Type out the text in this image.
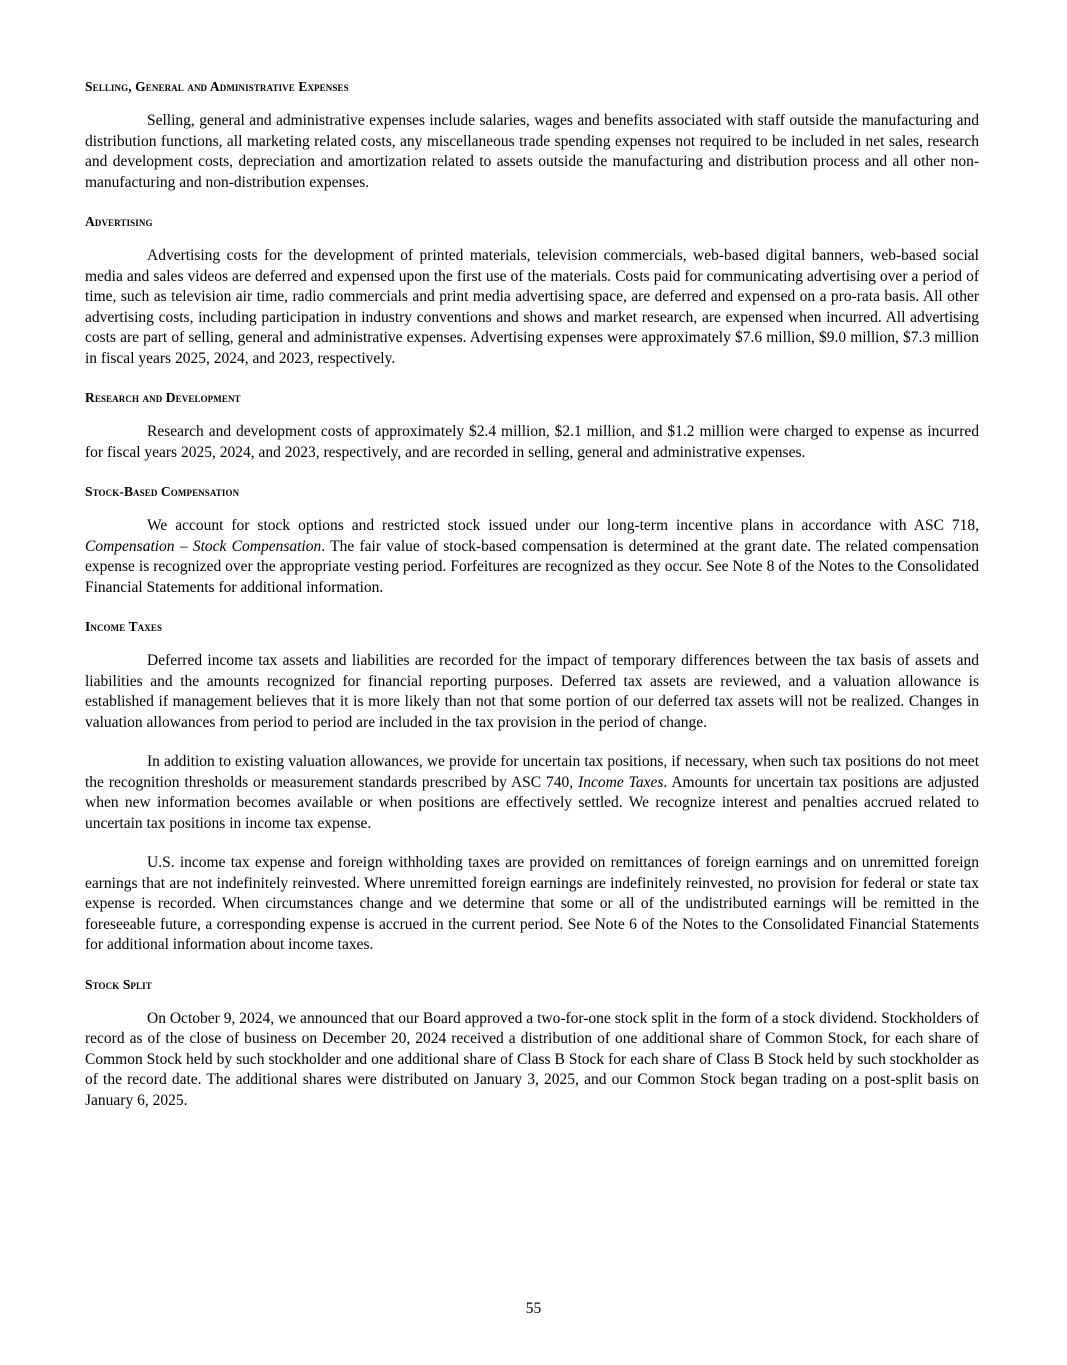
Selling, General and Administrative Expenses

Selling, general and administrative expenses include salaries, wages and benefits associated with staff outside the manufacturing and distribution functions, all marketing related costs, any miscellaneous trade spending expenses not required to be included in net sales, research and development costs, depreciation and amortization related to assets outside the manufacturing and distribution process and all other non-manufacturing and non-distribution expenses.

Advertising

Advertising costs for the development of printed materials, television commercials, web-based digital banners, web-based social media and sales videos are deferred and expensed upon the first use of the materials. Costs paid for communicating advertising over a period of time, such as television air time, radio commercials and print media advertising space, are deferred and expensed on a pro-rata basis. All other advertising costs, including participation in industry conventions and shows and market research, are expensed when incurred. All advertising costs are part of selling, general and administrative expenses. Advertising expenses were approximately $7.6 million, $9.0 million, $7.3 million in fiscal years 2025, 2024, and 2023, respectively.

Research and Development

Research and development costs of approximately $2.4 million, $2.1 million, and $1.2 million were charged to expense as incurred for fiscal years 2025, 2024, and 2023, respectively, and are recorded in selling, general and administrative expenses.

Stock-Based Compensation

We account for stock options and restricted stock issued under our long-term incentive plans in accordance with ASC 718, Compensation – Stock Compensation. The fair value of stock-based compensation is determined at the grant date. The related compensation expense is recognized over the appropriate vesting period. Forfeitures are recognized as they occur. See Note 8 of the Notes to the Consolidated Financial Statements for additional information.

Income Taxes

Deferred income tax assets and liabilities are recorded for the impact of temporary differences between the tax basis of assets and liabilities and the amounts recognized for financial reporting purposes. Deferred tax assets are reviewed, and a valuation allowance is established if management believes that it is more likely than not that some portion of our deferred tax assets will not be realized. Changes in valuation allowances from period to period are included in the tax provision in the period of change.

In addition to existing valuation allowances, we provide for uncertain tax positions, if necessary, when such tax positions do not meet the recognition thresholds or measurement standards prescribed by ASC 740, Income Taxes. Amounts for uncertain tax positions are adjusted when new information becomes available or when positions are effectively settled. We recognize interest and penalties accrued related to uncertain tax positions in income tax expense.

U.S. income tax expense and foreign withholding taxes are provided on remittances of foreign earnings and on unremitted foreign earnings that are not indefinitely reinvested. Where unremitted foreign earnings are indefinitely reinvested, no provision for federal or state tax expense is recorded. When circumstances change and we determine that some or all of the undistributed earnings will be remitted in the foreseeable future, a corresponding expense is accrued in the current period. See Note 6 of the Notes to the Consolidated Financial Statements for additional information about income taxes.

Stock Split

On October 9, 2024, we announced that our Board approved a two-for-one stock split in the form of a stock dividend. Stockholders of record as of the close of business on December 20, 2024 received a distribution of one additional share of Common Stock, for each share of Common Stock held by such stockholder and one additional share of Class B Stock for each share of Class B Stock held by such stockholder as of the record date. The additional shares were distributed on January 3, 2025, and our Common Stock began trading on a post-split basis on January 6, 2025.

55
